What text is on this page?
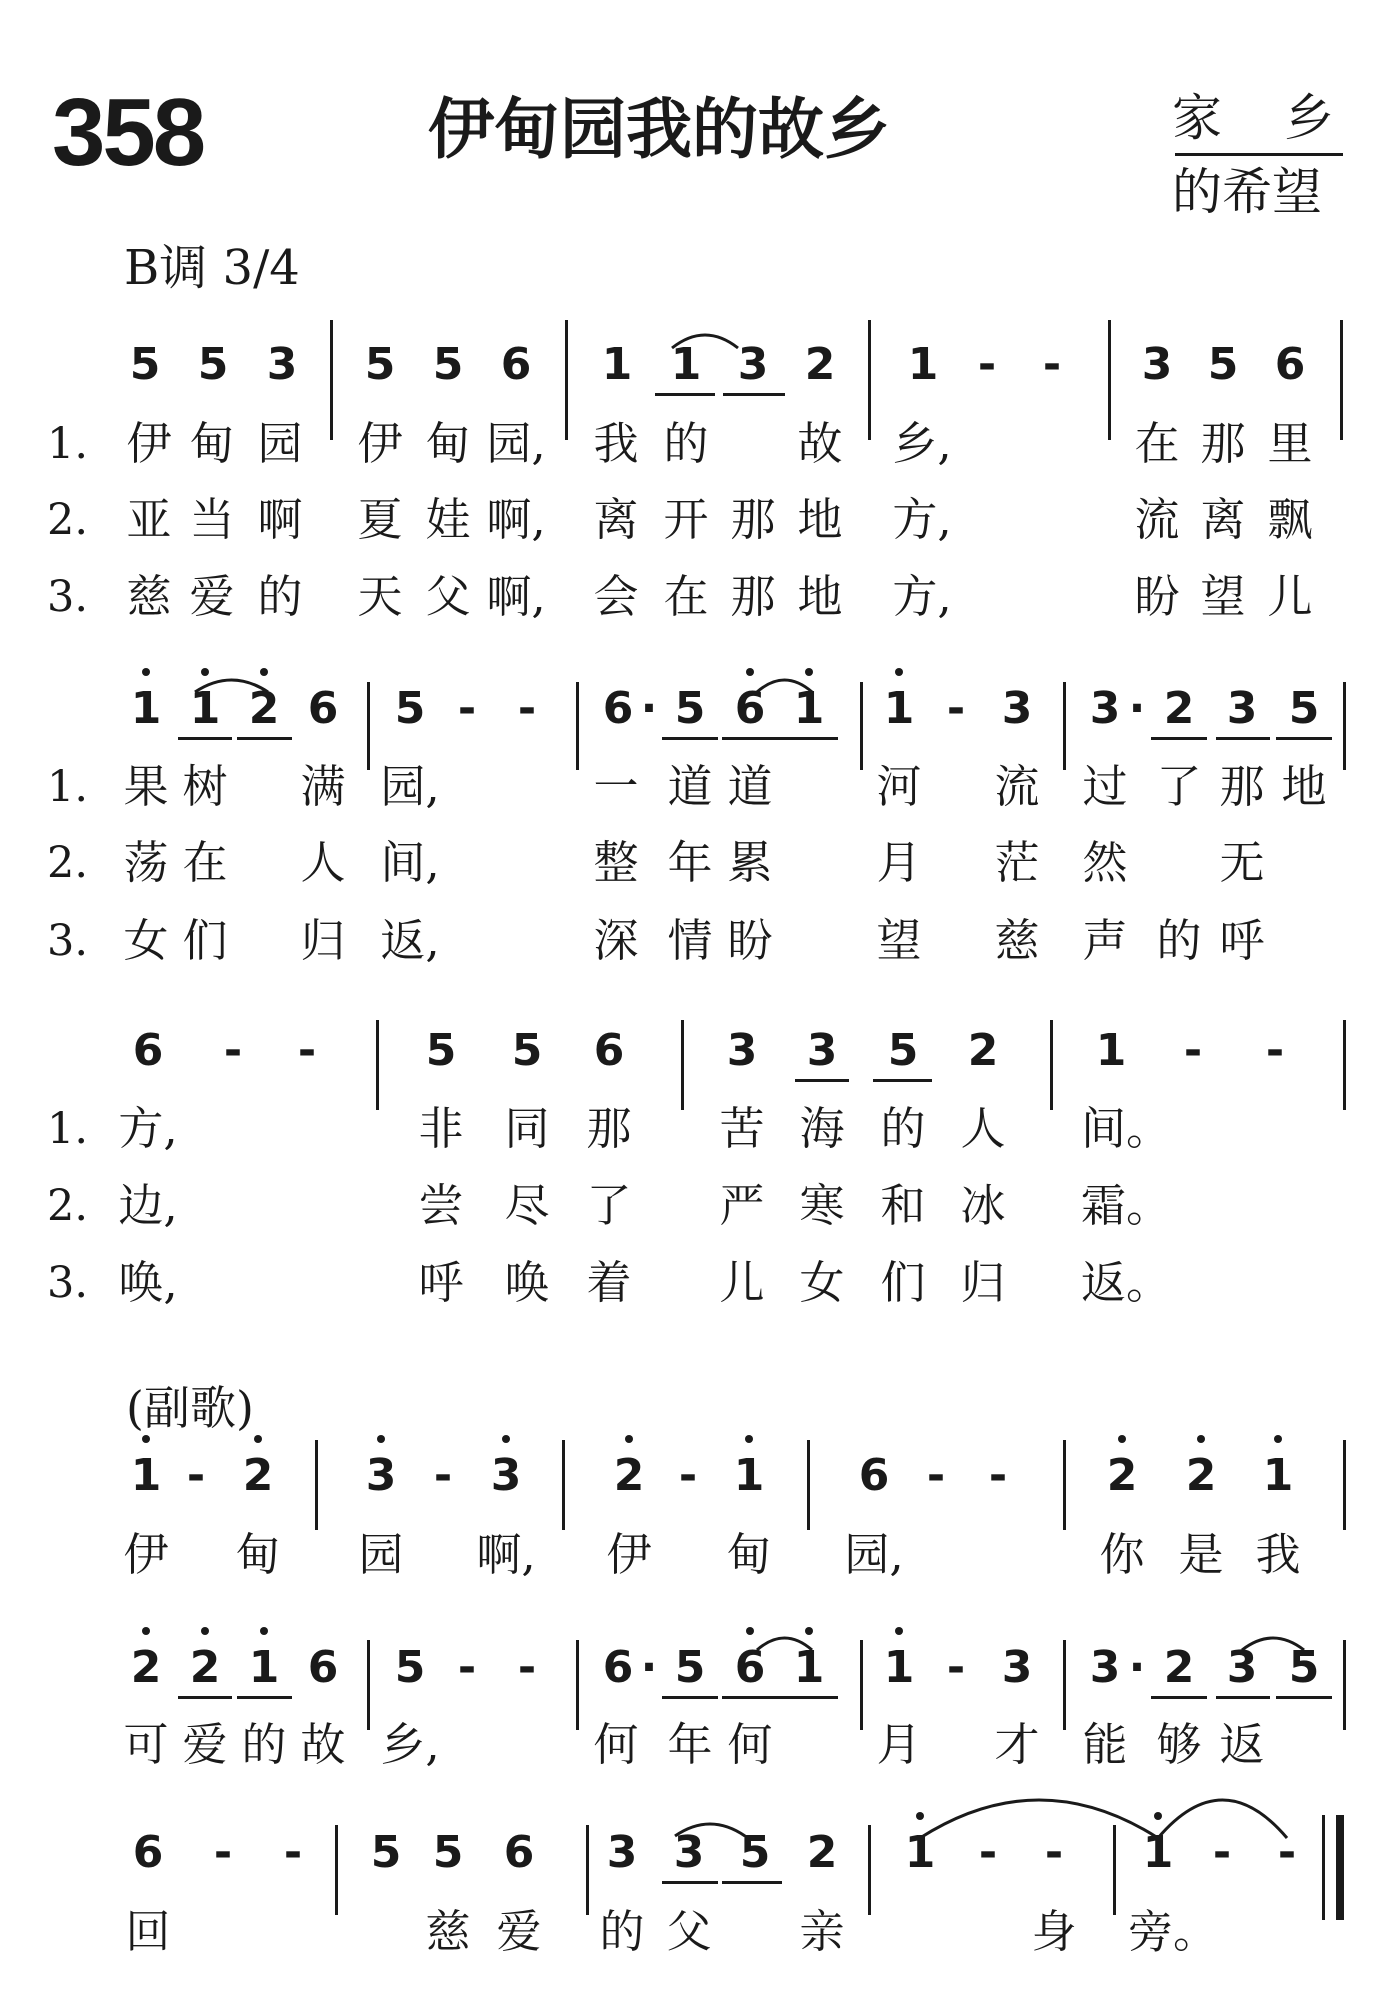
358	伊甸园我的故乡	家　乡
的希望
B调 3/4
(副歌)
5 5 3 5 5 6 1 1 3 2 1 - - 3 5 6
1. 伊 甸 园 伊 甸 园, 我 的 故 乡,	在 那 里
2. 亚 当 啊 夏 娃 啊, 离 开 那 地 方,	流 离 飘
3. 慈 爱 的 天 父 啊, 会 在 那 地 方,	盼 望 儿
1 1 2 6 5 - - 6 · 5 6 1 1 - 3 3 · 2 3 5
1. 果 树 满 园,	一 道 道 河 流 过 了 那 地
2. 荡 在 人 间,	整 年 累 月 茫 然 无
3. 女 们 归 返,	深 情 盼 望 慈 声 的 呼
6 - - 5 5 6 3 3 5 2 1 - -
1. 方,	非 同 那 苦 海 的 人 间。
2. 边,	尝 尽 了 严 寒 和 冰 霜。
3. 唤,	呼 唤 着 儿 女 们 归 返。
1 - 2 3 - 3 2 - 1 6 - - 2 2 1
伊 甸 园 啊, 伊 甸 园,	你 是 我
2 2 1 6 5 - - 6 · 5 6 1 1 - 3 3 · 2 3 5
可 爱 的 故 乡,	何 年 何 月 才 能 够 返
6 - - 5 5 6 3 3 5 2 1 - - 1 - -
回	慈 爱 的 父 亲	身 旁。
